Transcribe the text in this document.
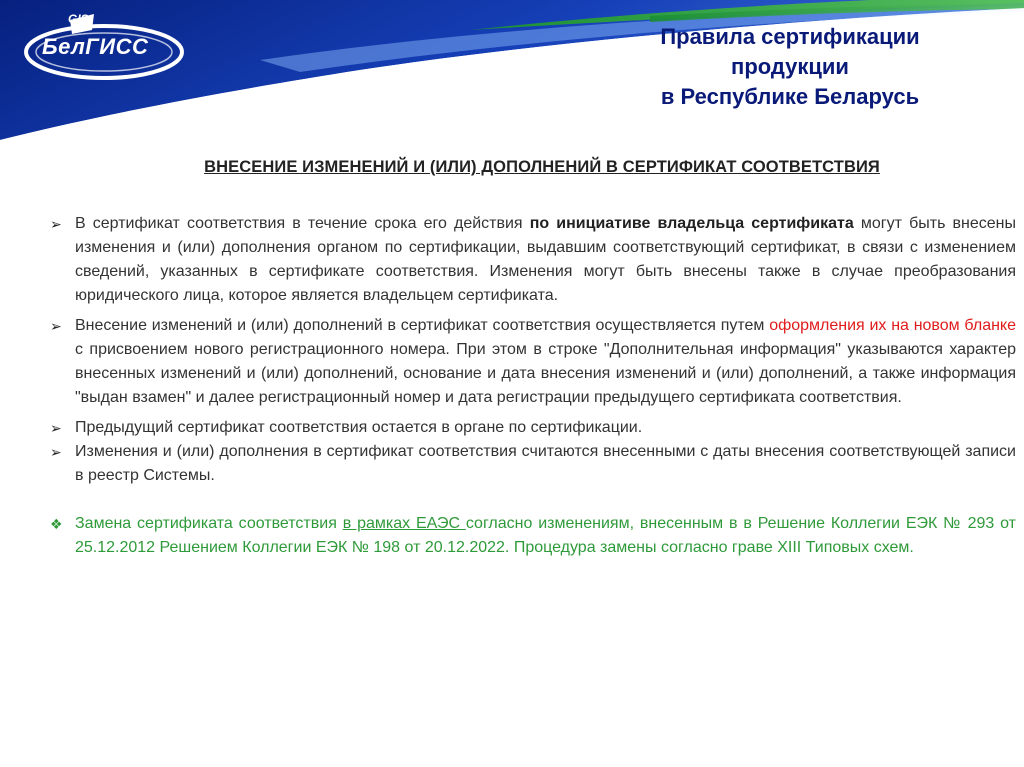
GIS
БелГИСС	Правила сертификации
продукции
в Республике Беларусь
ВНЕСЕНИЕ ИЗМЕНЕНИЙ И (ИЛИ) ДОПОЛНЕНИЙ В СЕРТИФИКАТ СООТВЕТСТВИЯ
➢ В сертификат соответствия в течение срока его действия по инициативе владельца сертификата могут быть внесены изменения и (или) дополнения органом по сертификации, выдавшим соответствующий сертификат, в связи с изменением сведений, указанных в сертификате соответствия. Изменения могут быть внесены также в случае преобразования юридического лица, которое является владельцем сертификата.
➢ Внесение изменений и (или) дополнений в сертификат соответствия осуществляется путем оформления их на новом бланке с присвоением нового регистрационного номера. При этом в строке "Дополнительная информация" указываются характер внесенных изменений и (или) дополнений, основание и дата внесения изменений и (или) дополнений, а также информация "выдан взамен" и далее регистрационный номер и дата регистрации предыдущего сертификата соответствия.
➢ Предыдущий сертификат соответствия остается в органе по сертификации.
➢ Изменения и (или) дополнения в сертификат соответствия считаются внесенными с даты внесения соответствующей записи в реестр Системы.
❖ Замена сертификата соответствия в рамках ЕАЭС согласно изменениям, внесенным в в Решение Коллегии ЕЭК № 293 от 25.12.2012 Решением Коллегии ЕЭК № 198 от 20.12.2022. Процедура замены согласно граве XIII Типовых схем.
